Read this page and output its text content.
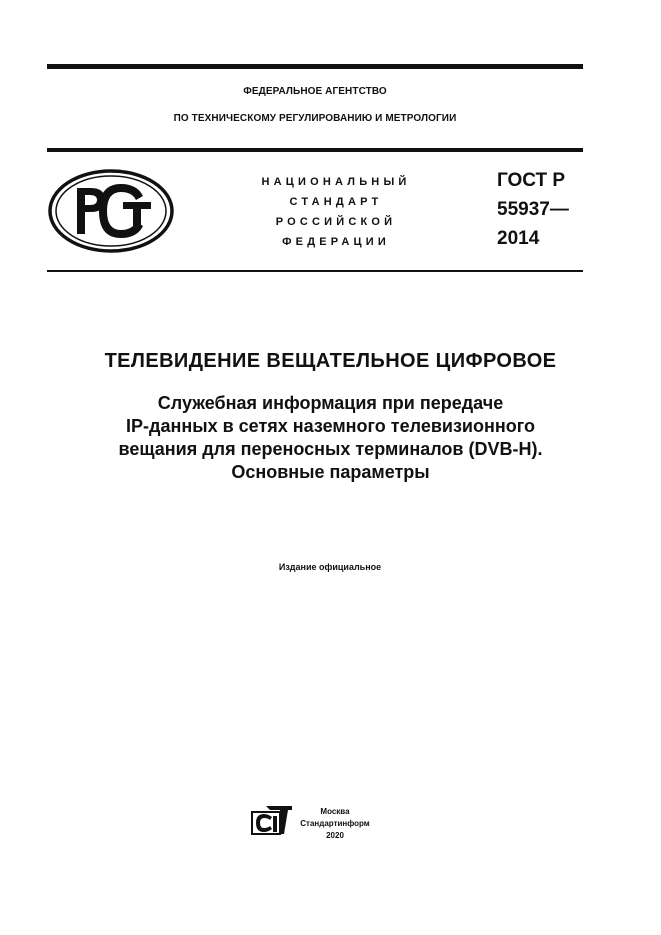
ФЕДЕРАЛЬНОЕ АГЕНТСТВО
ПО ТЕХНИЧЕСКОМУ РЕГУЛИРОВАНИЮ И МЕТРОЛОГИИ
НАЦИОНАЛЬНЫЙ
СТАНДАРТ
РОССИЙСКОЙ
ФЕДЕРАЦИИ
ГОСТ Р
55937—
2014
ТЕЛЕВИДЕНИЕ ВЕЩАТЕЛЬНОЕ ЦИФРОВОЕ
Служебная информация при передаче
IP-данных в сетях наземного телевизионного
вещания для переносных терминалов (DVB-H).
Основные параметры
Издание официальное
Москва
Стандартинформ
2020
